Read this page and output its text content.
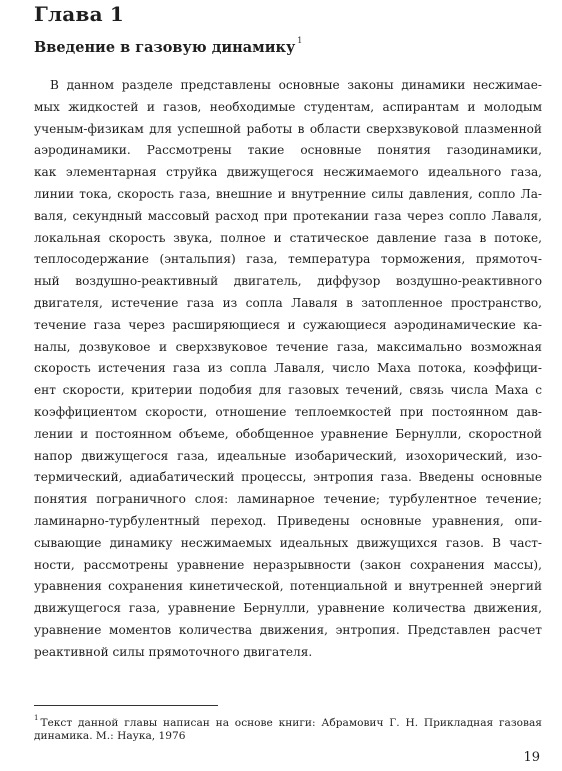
Глава 1
Введение в газовую динамику $^1$
В данном разделе представлены основные законы динамики несжимае-
мых жидкостей и газов, необходимые студентам, аспирантам и молодым
ученым-физикам для успешной работы в области сверхзвуковой плазменной
аэродинамики. Рассмотрены такие основные понятия газодинамики,
как элементарная струйка движущегося несжимаемого идеального газа,
линии тока, скорость газа, внешние и внутренние силы давления, сопло Ла-
валя, секундный массовый расход при протекании газа через сопло Лаваля,
локальная скорость звука, полное и статическое давление газа в потоке,
теплосодержание (энтальпия) газа, температура торможения, прямоточ-
ный воздушно-реактивный двигатель, диффузор воздушно-реактивного
двигателя, истечение газа из сопла Лаваля в затопленное пространство,
течение газа через расширяющиеся и сужающиеся аэродинамические ка-
налы, дозвуковое и сверхзвуковое течение газа, максимально возможная
скорость истечения газа из сопла Лаваля, число Маха потока, коэффици-
ент скорости, критерии подобия для газовых течений, связь числа Маха с
коэффициентом скорости, отношение теплоемкостей при постоянном дав-
лении и постоянном объеме, обобщенное уравнение Бернулли, скоростной
напор движущегося газа, идеальные изобарический, изохорический, изо-
термический, адиабатический процессы, энтропия газа. Введены основные
понятия пограничного слоя: ламинарное течение; турбулентное течение;
ламинарно-турбулентный переход. Приведены основные уравнения, опи-
сывающие динамику несжимаемых идеальных движущихся газов. В част-
ности, рассмотрены уравнение неразрывности (закон сохранения массы),
уравнения сохранения кинетической, потенциальной и внутренней энергий
движущегося газа, уравнение Бернулли, уравнение количества движения,
уравнение моментов количества движения, энтропия. Представлен расчет
реактивной силы прямоточного двигателя.
$^1$ Текст данной главы написан на основе книги: Абрамович Г. Н. Прикладная газовая
динамика. М.: Наука, 1976
19
